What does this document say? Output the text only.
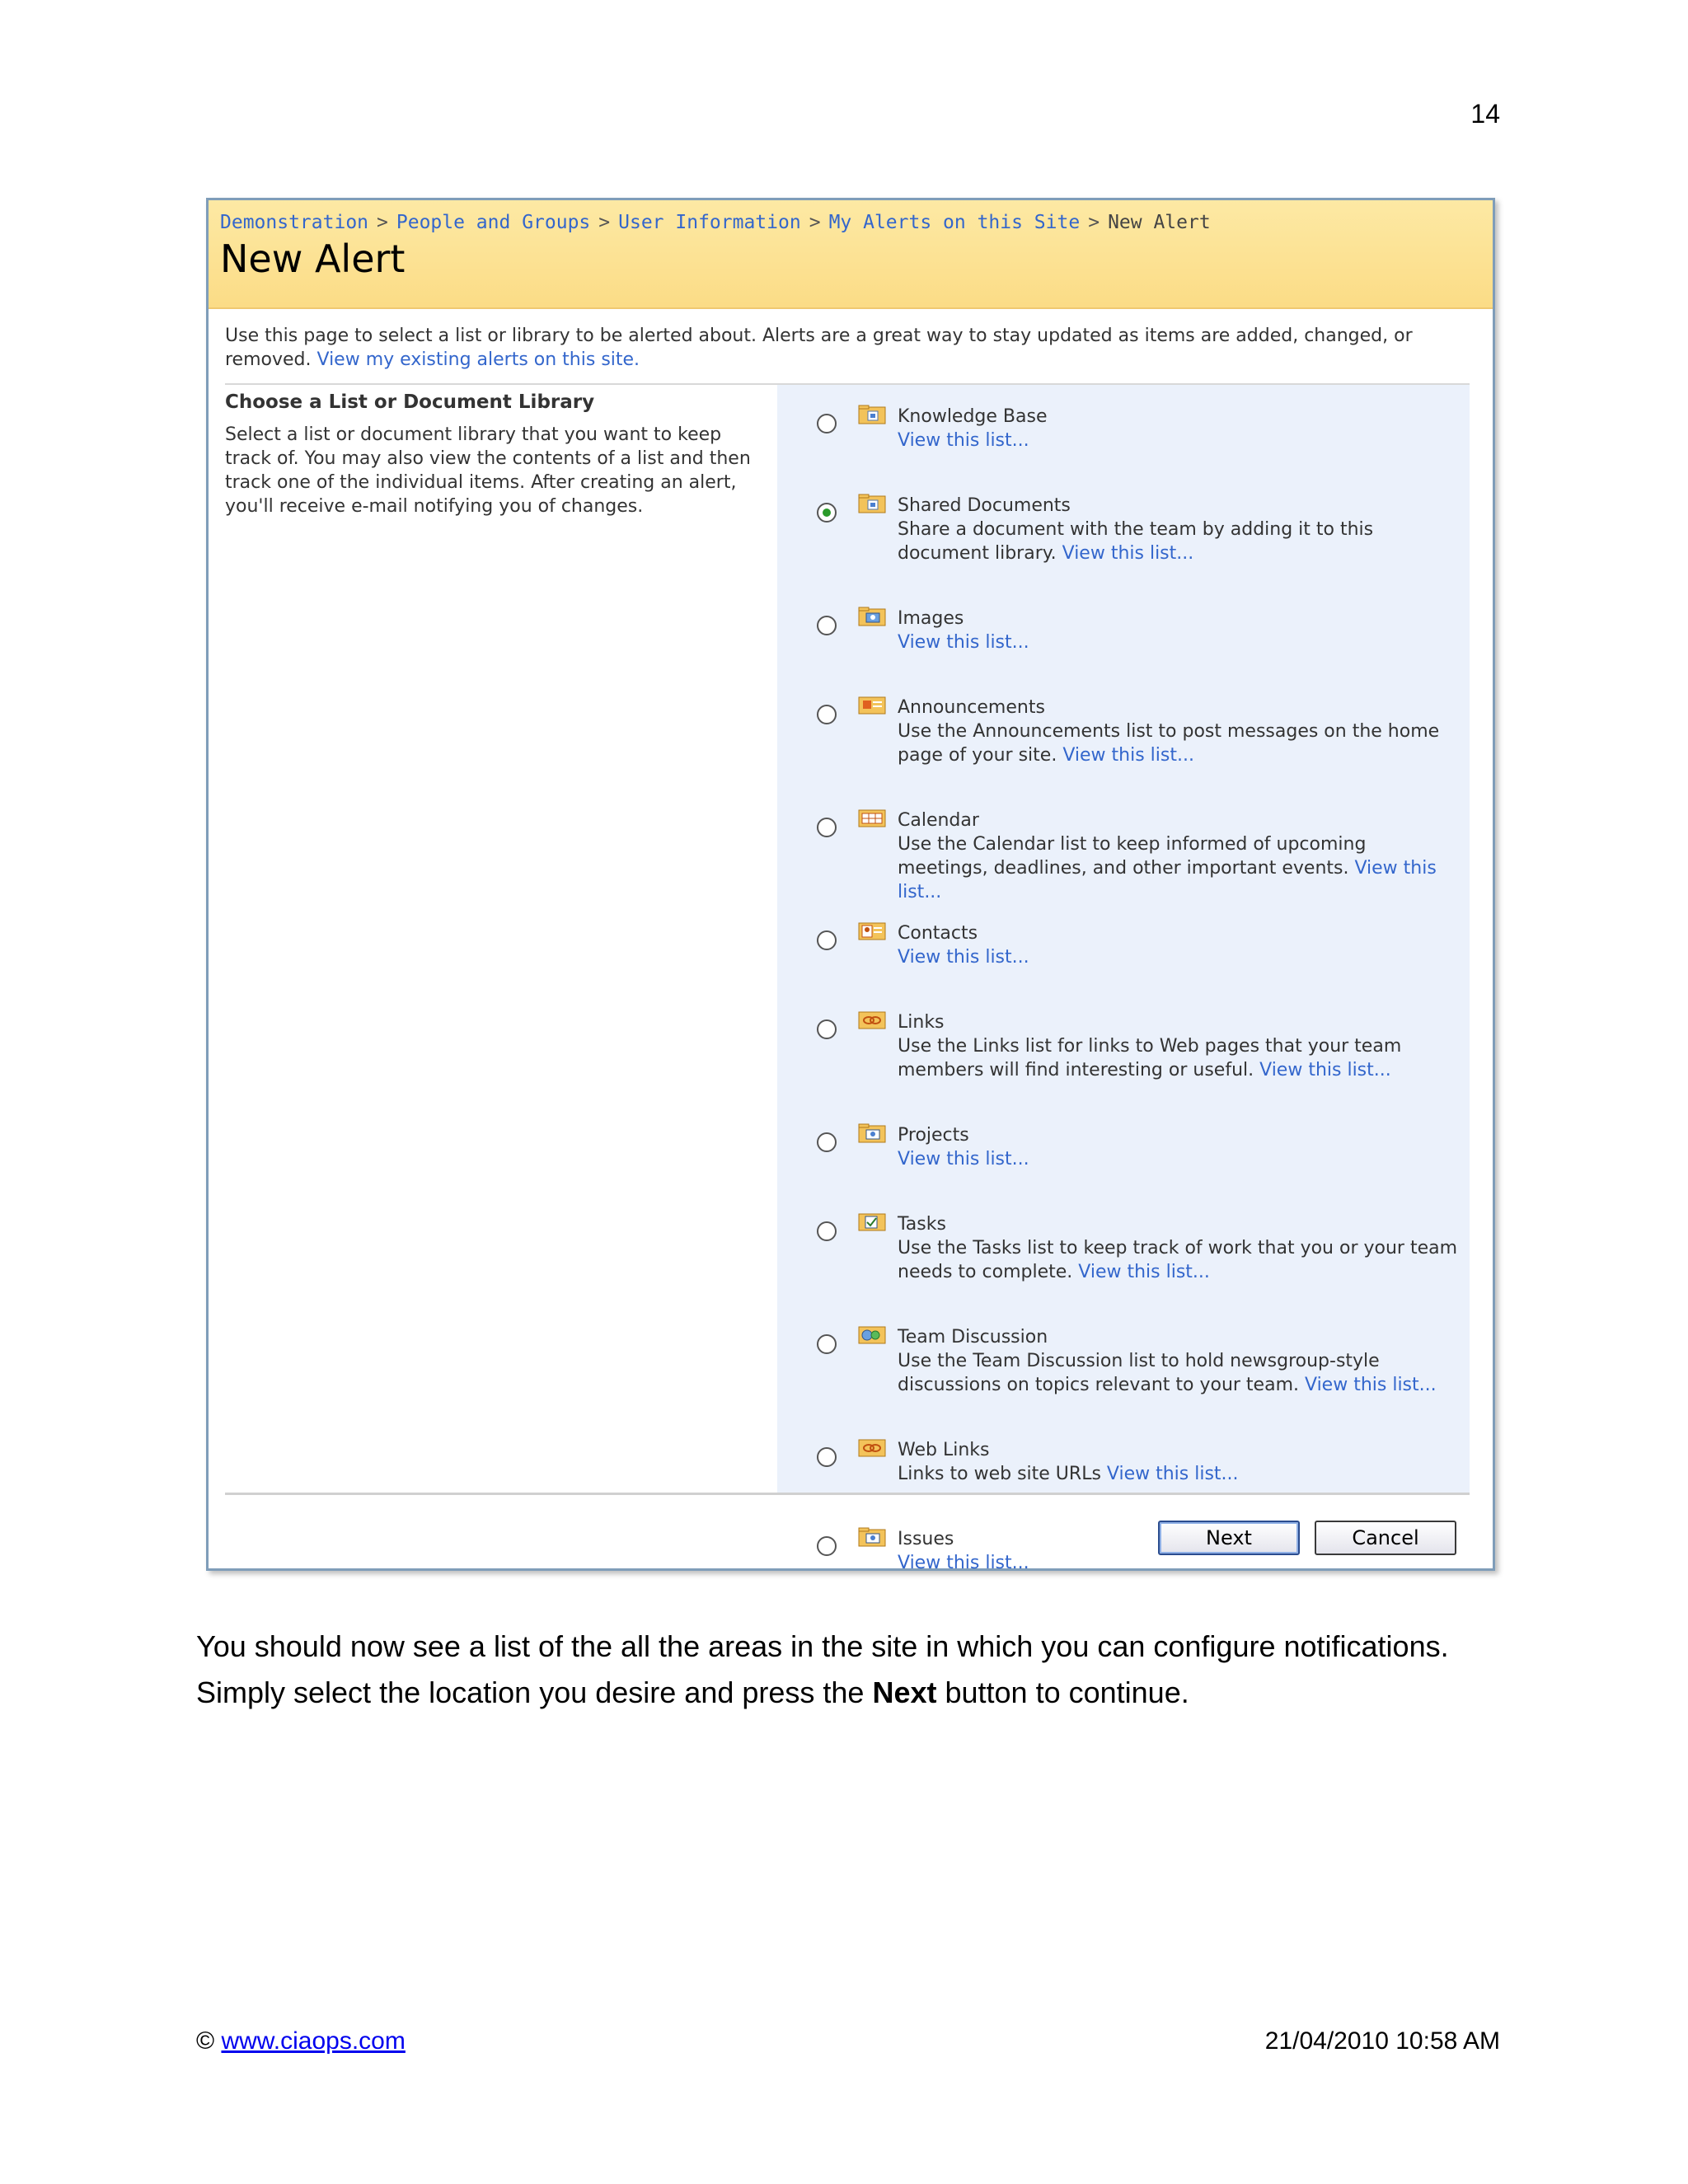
14
Demonstration > People and Groups > User Information > My Alerts on this Site > New Alert
New Alert
Use this page to select a list or library to be alerted about. Alerts are a great way to stay updated as items are added, changed, or removed. View my existing alerts on this site.
Choose a List or Document Library
Select a list or document library that you want to keep track of. You may also view the contents of a list and then track one of the individual items. After creating an alert, you'll receive e-mail notifying you of changes.
Knowledge Base
View this list...
Shared Documents
Share a document with the team by adding it to this document library. View this list...
Images
View this list...
Announcements
Use the Announcements list to post messages on the home page of your site. View this list...
Calendar
Use the Calendar list to keep informed of upcoming meetings, deadlines, and other important events. View this list...
Contacts
View this list...
Links
Use the Links list for links to Web pages that your team members will find interesting or useful. View this list...
Projects
View this list...
Tasks
Use the Tasks list to keep track of work that you or your team needs to complete. View this list...
Team Discussion
Use the Team Discussion list to hold newsgroup-style discussions on topics relevant to your team. View this list...
Web Links
Links to web site URLs View this list...
Issues
View this list...
Next	Cancel
You should now see a list of the all the areas in the site in which you can configure notifications.
Simply select the location you desire and press the Next button to continue.
© www.ciaops.com	21/04/2010 10:58 AM
